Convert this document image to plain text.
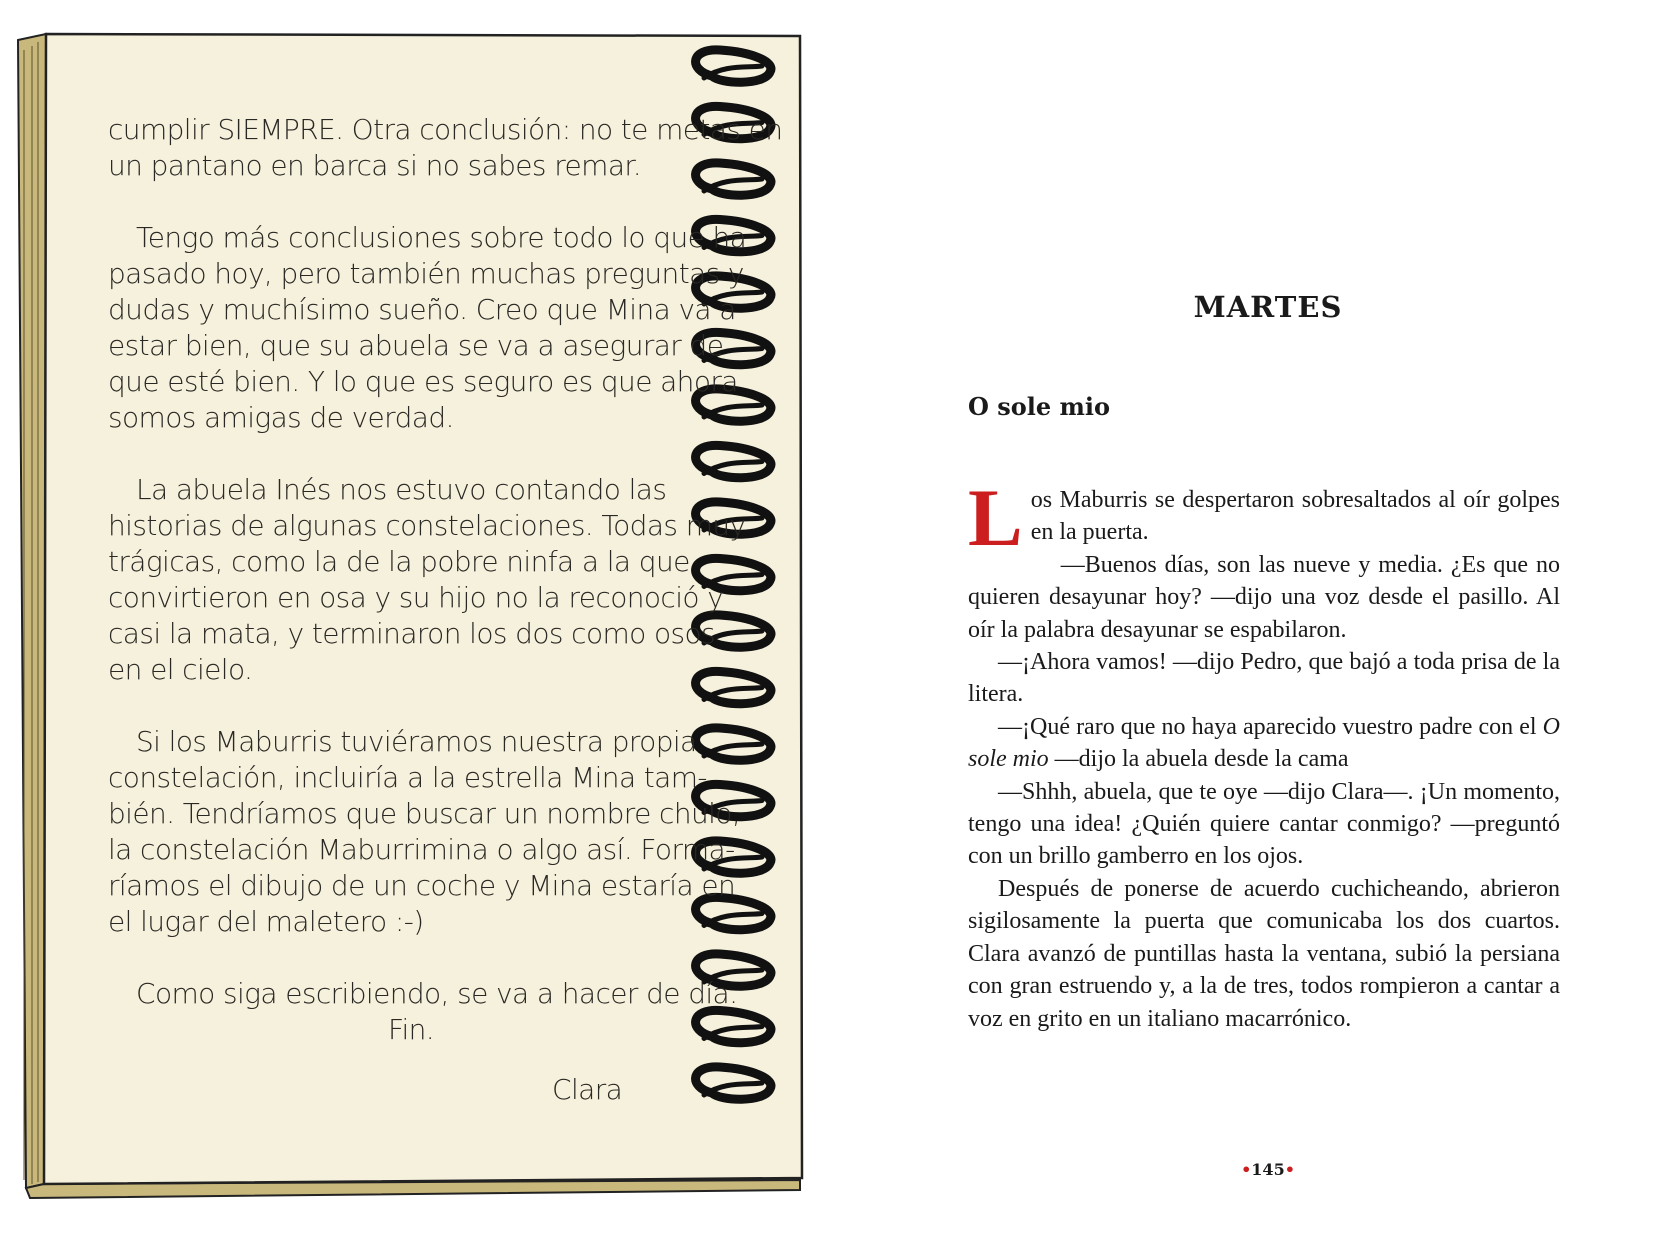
cumplir SIEMPRE. Otra conclusión: no te metas en
un pantano en barca si no sabes remar.

Tengo más conclusiones sobre todo lo que ha
pasado hoy, pero también muchas preguntas y
dudas y muchísimo sueño. Creo que Mina va a
estar bien, que su abuela se va a asegurar de
que esté bien. Y lo que es seguro es que ahora
somos amigas de verdad.

La abuela Inés nos estuvo contando las
historias de algunas constelaciones. Todas muy
trágicas, como la de la pobre ninfa a la que
convirtieron en osa y su hijo no la reconoció y
casi la mata, y terminaron los dos como osos
en el cielo.

Si los Maburris tuviéramos nuestra propia
constelación, incluiría a la estrella Mina tam-
bién. Tendríamos que buscar un nombre chulo,
la constelación Maburrimina o algo así. Forma-
ríamos el dibujo de un coche y Mina estaría en
el lugar del maletero :-)

Como siga escribiendo, se va a hacer de día.
Fin.
Clara

MARTES
O sole mio
Los Maburris se despertaron sobresaltados al oír golpes en la puerta.
—Buenos días, son las nueve y media. ¿Es que no quieren desayunar hoy? —dijo una voz desde el pasillo. Al oír la palabra desayunar se espabilaron.
—¡Ahora vamos! —dijo Pedro, que bajó a toda prisa de la litera.
—¡Qué raro que no haya aparecido vuestro padre con el O sole mio —dijo la abuela desde la cama
—Shhh, abuela, que te oye —dijo Clara—. ¡Un momento, tengo una idea! ¿Quién quiere cantar conmigo? —preguntó con un brillo gamberro en los ojos.
Después de ponerse de acuerdo cuchicheando, abrieron sigilosamente la puerta que comunicaba los dos cuartos. Clara avanzó de puntillas hasta la ventana, subió la persiana con gran estruendo y, a la de tres, todos rompieron a cantar a voz en grito en un italiano macarrónico.
•145•
